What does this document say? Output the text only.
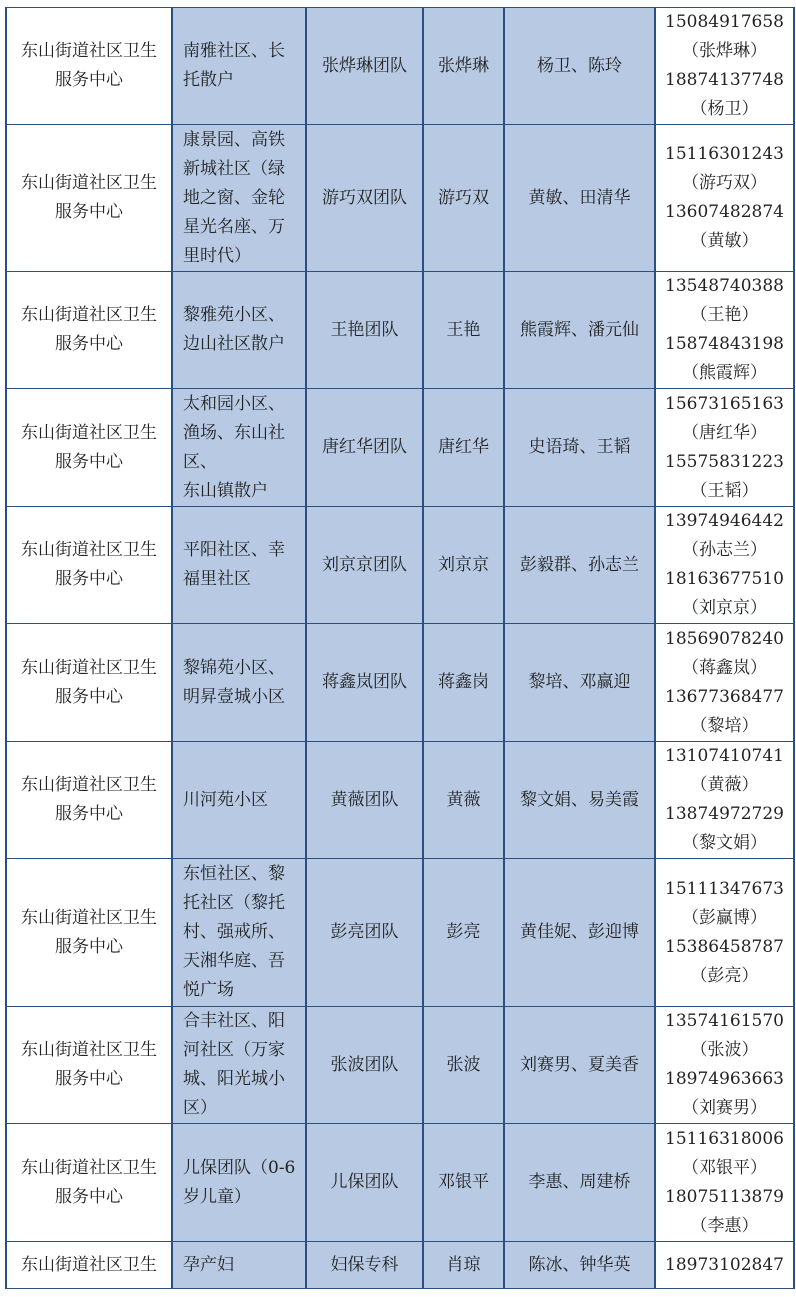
东山街道社区卫生
服务中心	南雅社区、长
托散户	张烨琳团队	张烨琳	杨卫、陈玲	15084917658
（张烨琳）
18874137748
（杨卫）

东山街道社区卫生
服务中心	康景园、高铁
新城社区（绿
地之窗、金轮
星光名座、万
里时代）	游巧双团队	游巧双	黄敏、田清华	15116301243
（游巧双）
13607482874
（黄敏）

东山街道社区卫生
服务中心	黎雅苑小区、
边山社区散户	王艳团队	王艳	熊霞辉、潘元仙	13548740388
（王艳）
15874843198
（熊霞辉）

东山街道社区卫生
服务中心	太和园小区、
渔场、东山社
区、
东山镇散户	唐红华团队	唐红华	史语琦、王韬	15673165163
（唐红华）
15575831223
（王韬）

东山街道社区卫生
服务中心	平阳社区、幸
福里社区	刘京京团队	刘京京	彭毅群、孙志兰	13974946442
（孙志兰）
18163677510
（刘京京）

东山街道社区卫生
服务中心	黎锦苑小区、
明昇壹城小区	蒋鑫岚团队	蒋鑫岗	黎培、邓赢迎	18569078240
（蒋鑫岚）
13677368477
（黎培）

东山街道社区卫生
服务中心	川河苑小区	黄薇团队	黄薇	黎文娟、易美霞	13107410741
（黄薇）
13874972729
（黎文娟）

东山街道社区卫生
服务中心	东恒社区、黎
托社区（黎托
村、强戒所、
天湘华庭、吾
悦广场	彭亮团队	彭亮	黄佳妮、彭迎博	15111347673
（彭赢博）
15386458787
（彭亮）

东山街道社区卫生
服务中心	合丰社区、阳
河社区（万家
城、阳光城小
区）	张波团队	张波	刘赛男、夏美香	13574161570
（张波）
18974963663
（刘赛男）

东山街道社区卫生
服务中心	儿保团队（0-6
岁儿童）	儿保团队	邓银平	李惠、周建桥	15116318006
（邓银平）
18075113879
（李惠）

东山街道社区卫生	孕产妇	妇保专科	肖琼	陈冰、钟华英	18973102847
